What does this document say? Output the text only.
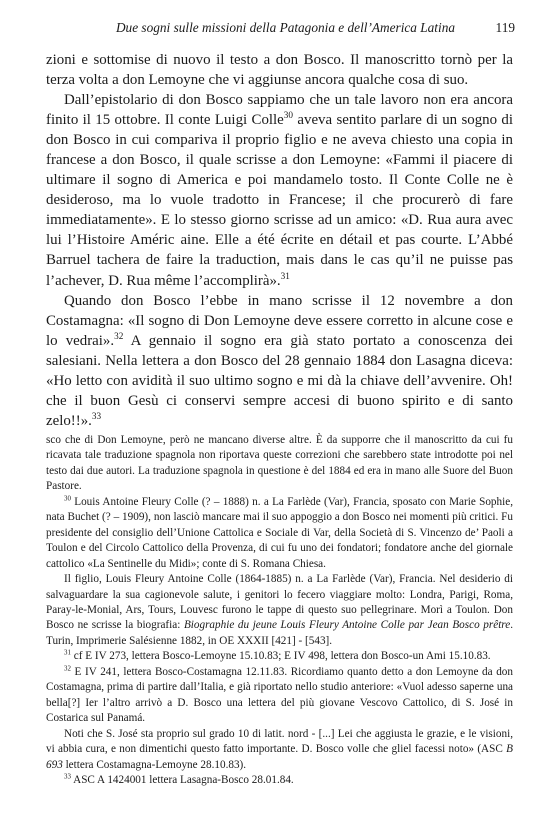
Due sogni sulle missioni della Patagonia e dell’America Latina	119

zioni e sottomise di nuovo il testo a don Bosco. Il manoscritto tornò per la terza volta a don Lemoyne che vi aggiunse ancora qualche cosa di suo.

Dall’epistolario di don Bosco sappiamo che un tale lavoro non era ancora finito il 15 ottobre. Il conte Luigi Colle$^{30}$ aveva sentito parlare di un sogno di don Bosco in cui compariva il proprio figlio e ne aveva chiesto una copia in francese a don Bosco, il quale scrisse a don Lemoyne: «Fammi il piacere di ultimare il sogno di America e poi mandamelo tosto. Il Conte Colle ne è desideroso, ma lo vuole tradotto in Francese; il che procurerò di fare immediatamente». E lo stesso giorno scrisse ad un amico: «D. Rua aura avec lui l’Histoire Améric aine. Elle a été écrite en détail et pas courte. L’Abbé Barruel tachera de faire la traduction, mais dans le cas qu’il ne puisse pas l’achever, D. Rua même l’accomplirà».$^{31}$

Quando don Bosco l’ebbe in mano scrisse il 12 novembre a don Costamagna: «Il sogno di Don Lemoyne deve essere corretto in alcune cose e lo vedrai».$^{32}$ A gennaio il sogno era già stato portato a conoscenza dei salesiani. Nella lettera a don Bosco del 28 gennaio 1884 don Lasagna diceva: «Ho letto con avidità il suo ultimo sogno e mi dà la chiave dell’avvenire. Oh! che il buon Gesù ci conservi sempre accesi di buono spirito e di santo zelo!!».$^{33}$

sco che di Don Lemoyne, però ne mancano diverse altre. È da supporre che il manoscritto da cui fu ricavata tale traduzione spagnola non riportava queste correzioni che sarebbero state introdotte poi nel testo dai due autori. La traduzione spagnola in questione è del 1884 ed era in mano alle Suore del Buon Pastore.

$^{30}$ Louis Antoine Fleury Colle (? – 1888) n. a La Farlède (Var), Francia, sposato con Marie Sophie, nata Buchet (? – 1909), non lasciò mancare mai il suo appoggio a don Bosco nei momenti più critici. Fu presidente del consiglio dell’Unione Cattolica e Sociale di Var, della Società di S. Vincenzo de’ Paoli a Toulon e del Circolo Cattolico della Provenza, di cui fu uno dei fondatori; fondatore anche del giornale cattolico «La Sentinelle du Midi»; conte di S. Romana Chiesa.

Il figlio, Louis Fleury Antoine Colle (1864-1885) n. a La Farlède (Var), Francia. Nel desiderio di salvaguardare la sua cagionevole salute, i genitori lo fecero viaggiare molto: Londra, Parigi, Roma, Paray-le-Monial, Ars, Tours, Louvesc furono le tappe di questo suo pellegrinare. Morì a Toulon. Don Bosco ne scrisse la biografia: Biographie du jeune Louis Fleury Antoine Colle par Jean Bosco prêtre. Turin, Imprimerie Salésienne 1882, in OE XXXII [421] - [543].

$^{31}$ cf E IV 273, lettera Bosco-Lemoyne 15.10.83; E IV 498, lettera don Bosco-un Ami 15.10.83.

$^{32}$ E IV 241, lettera Bosco-Costamagna 12.11.83. Ricordiamo quanto detto a don Lemoyne da don Costamagna, prima di partire dall’Italia, e già riportato nello studio anteriore: «Vuol adesso saperne una bella[?] Ier l’altro arrivò a D. Bosco una lettera del più giovane Vescovo Cattolico, di S. José in Costarica sul Panamá.

Noti che S. José sta proprio sul grado 10 di latit. nord - [...] Lei che aggiusta le grazie, e le visioni, vi abbia cura, e non dimentichi questo fatto importante. D. Bosco volle che gliel facessi noto» (ASC B 693 lettera Costamagna-Lemoyne 28.10.83).

$^{33}$ ASC A 1424001 lettera Lasagna-Bosco 28.01.84.
